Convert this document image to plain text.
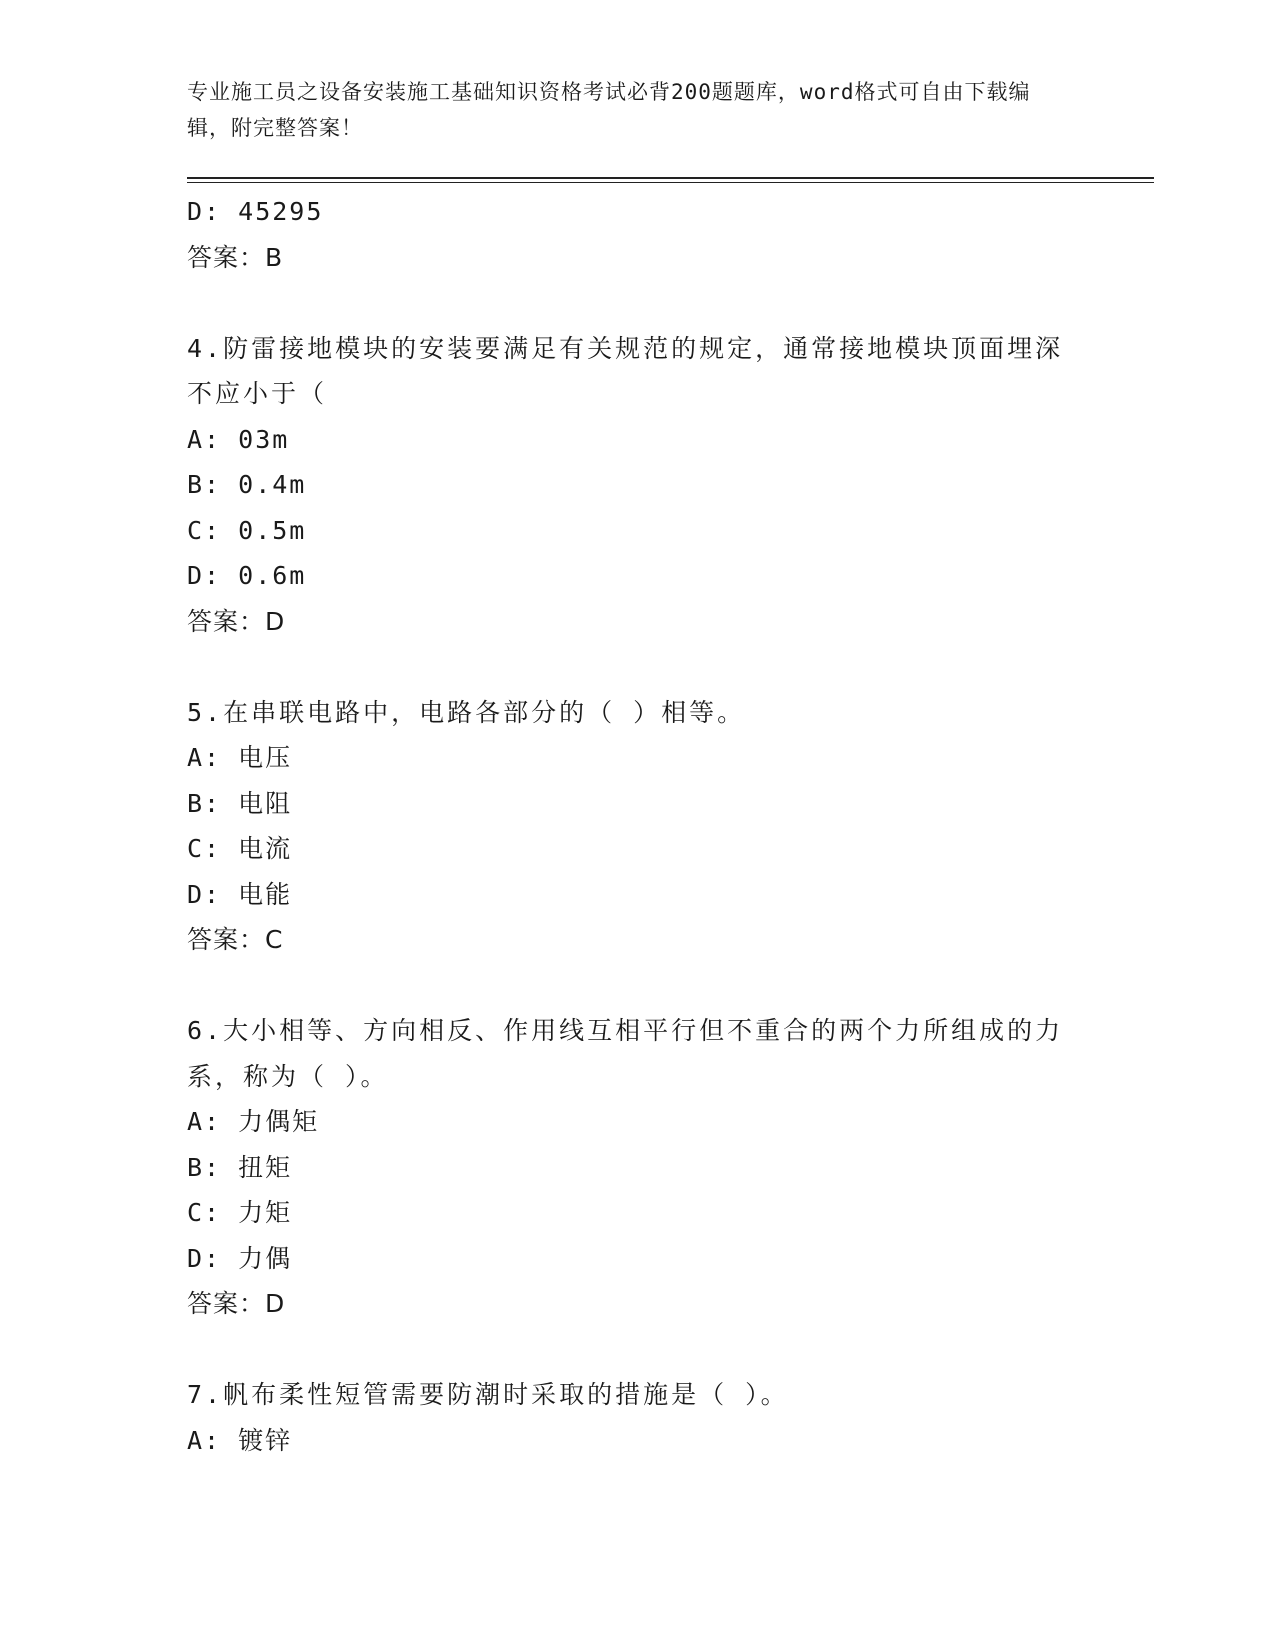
专业施工员之设备安装施工基础知识资格考试必背200题题库，word格式可自由下载编辑，附完整答案！
D: 45295
答案：B
4.防雷接地模块的安装要满足有关规范的规定，通常接地模块顶面埋深不应小于（
A: 03m
B: 0.4m
C: 0.5m
D: 0.6m
答案：D
5.在串联电路中，电路各部分的（ ）相等。
A: 电压
B: 电阻
C: 电流
D: 电能
答案：C
6.大小相等、方向相反、作用线互相平行但不重合的两个力所组成的力系，称为（ ）。
A: 力偶矩
B: 扭矩
C: 力矩
D: 力偶
答案：D
7.帆布柔性短管需要防潮时采取的措施是（ ）。
A: 镀锌
